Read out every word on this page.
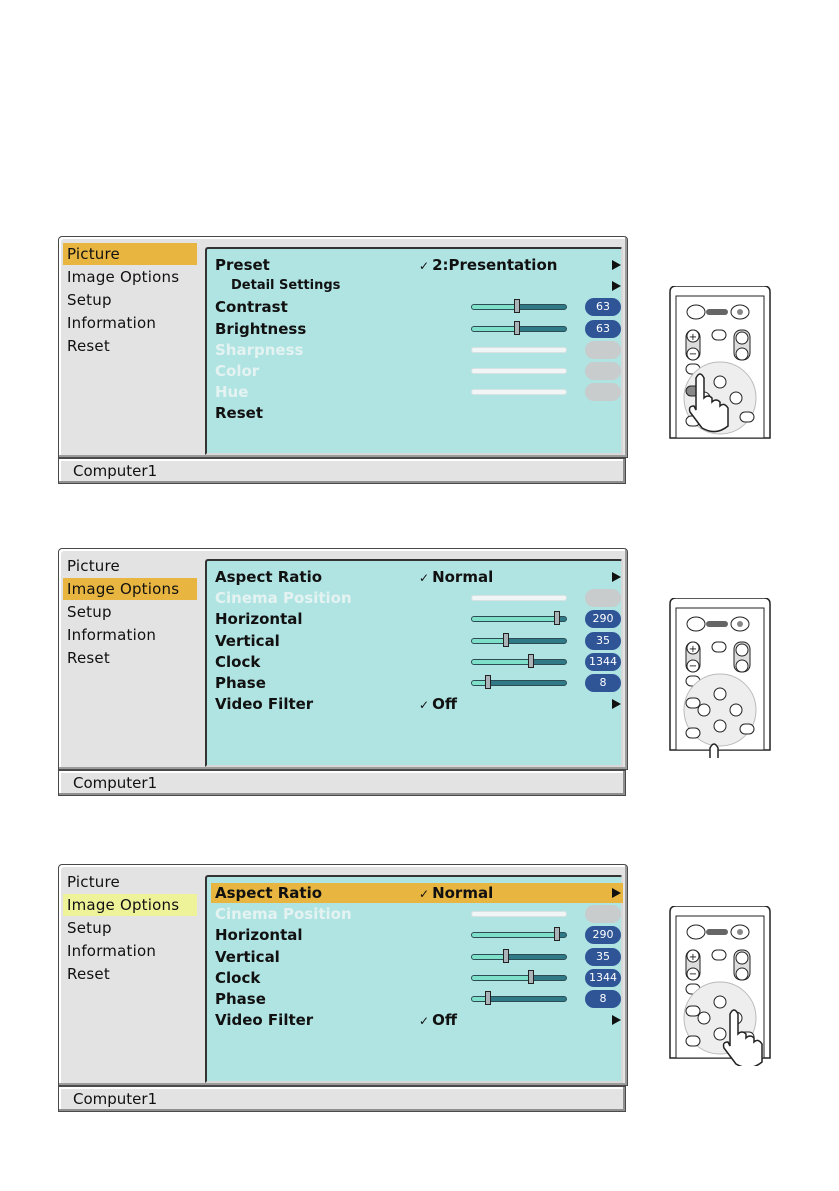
Picture
Image Options
Setup
Information
Reset
Preset	✓ 2:Presentation
Detail Settings
Contrast	63
Brightness	63
Sharpness
Color
Hue
Reset
Computer1
+
−
Picture
Image Options
Setup
Information
Reset
Aspect Ratio	✓ Normal
Cinema Position
Horizontal	290
Vertical	35
Clock	1344
Phase	8
Video Filter	✓ Off
Computer1
+
−
Picture
Image Options
Setup
Information
Reset
Aspect Ratio	✓ Normal
Cinema Position
Horizontal	290
Vertical	35
Clock	1344
Phase	8
Video Filter	✓ Off
Computer1
+
−
